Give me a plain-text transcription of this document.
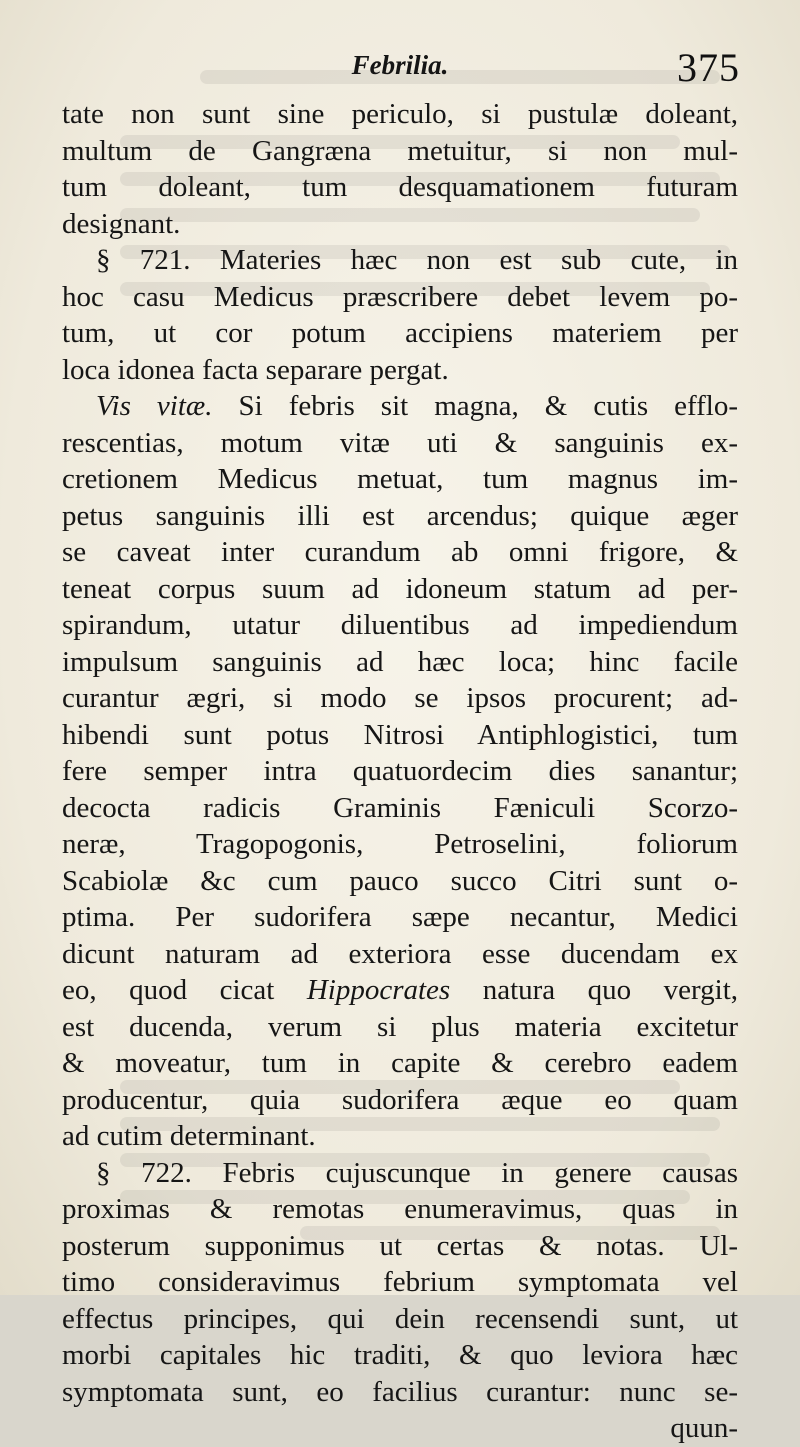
Febrilia.	375
tate non sunt sine periculo, si pustulæ doleant,
multum de Gangræna metuitur, si non mul-
tum doleant, tum desquamationem futuram
designant.
§ 721. Materies hæc non est sub cute, in
hoc casu Medicus præscribere debet levem po-
tum, ut cor potum accipiens materiem per
loca idonea facta separare pergat.
Vis vitæ. Si febris sit magna, & cutis efflo-
rescentias, motum vitæ uti & sanguinis ex-
cretionem Medicus metuat, tum magnus im-
petus sanguinis illi est arcendus; quique æger
se caveat inter curandum ab omni frigore, &
teneat corpus suum ad idoneum statum ad per-
spirandum, utatur diluentibus ad impediendum
impulsum sanguinis ad hæc loca; hinc facile
curantur ægri, si modo se ipsos procurent; ad-
hibendi sunt potus Nitrosi Antiphlogistici, tum
fere semper intra quatuordecim dies sanantur;
decocta radicis Graminis Fæniculi Scorzo-
neræ, Tragopogonis, Petroselini, foliorum
Scabiolæ &c cum pauco succo Citri sunt o-
ptima. Per sudorifera sæpe necantur, Medici
dicunt naturam ad exteriora esse ducendam ex
eo, quod cicat Hippocrates natura quo vergit,
est ducenda, verum si plus materia excitetur
& moveatur, tum in capite & cerebro eadem
producentur, quia sudorifera æque eo quam
ad cutim determinant.
§ 722. Febris cujuscunque in genere causas
proximas & remotas enumeravimus, quas in
posterum supponimus ut certas & notas. Ul-
timo consideravimus febrium symptomata vel
effectus principes, qui dein recensendi sunt, ut
morbi capitales hic traditi, & quo leviora hæc
symptomata sunt, eo facilius curantur: nunc se-
quun-
